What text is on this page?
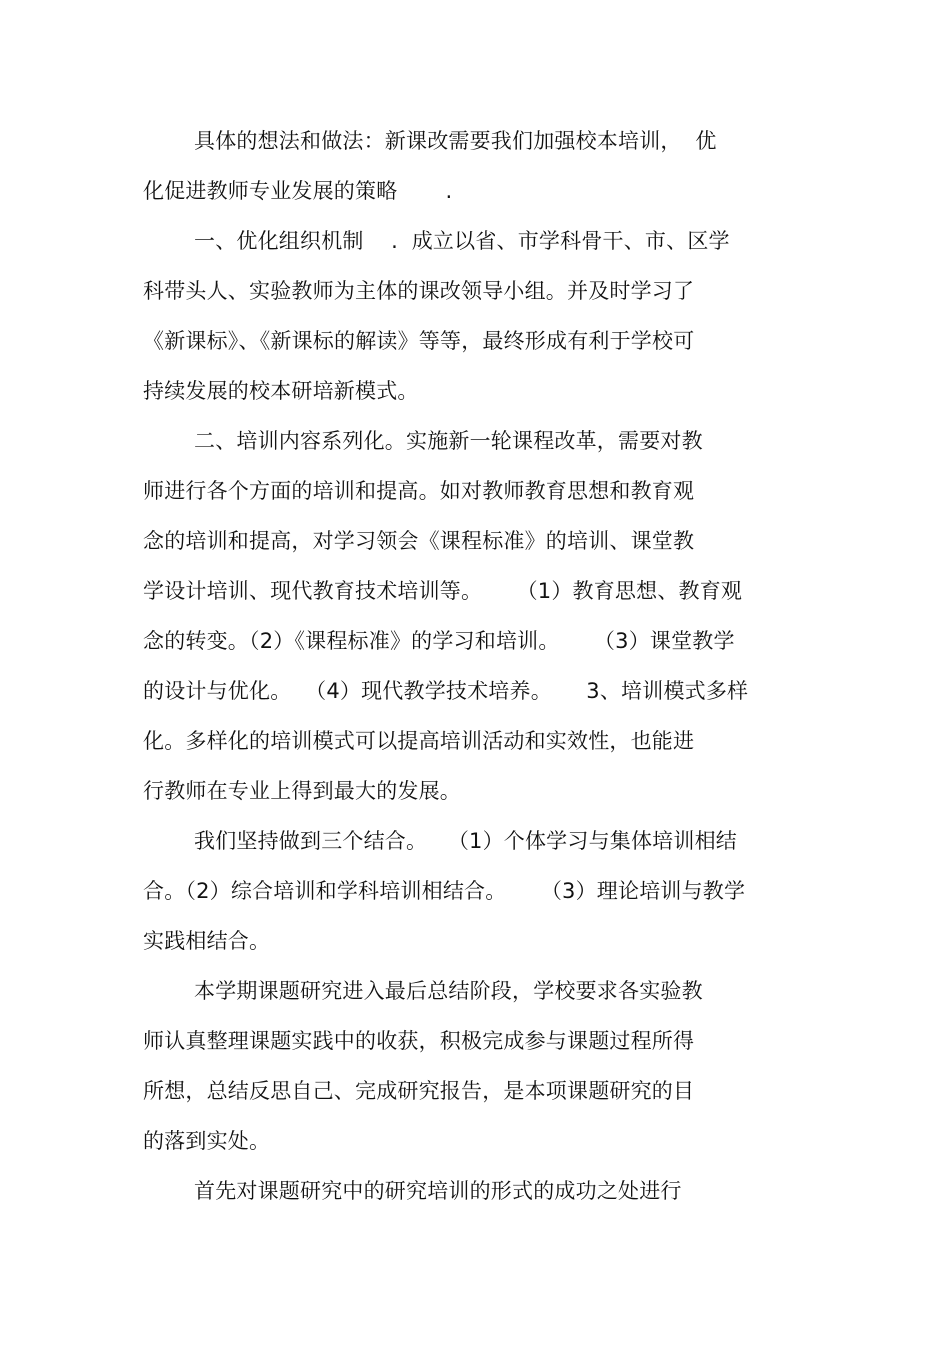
具体的想法和做法：新课改需要我们加强校本培训，  优
化促进教师专业发展的策略       .
一、优化组织机制    .  成立以省、市学科骨干、市、区学
科带头人、实验教师为主体的课改领导小组。并及时学习了
《新课标》、《新课标的解读》等等，最终形成有利于学校可
持续发展的校本研培新模式。
二、培训内容系列化。实施新一轮课程改革，需要对教
师进行各个方面的培训和提高。如对教师教育思想和教育观
念的培训和提高，对学习领会《课程标准》的培训、课堂教
学设计培训、现代教育技术培训等。     （1）教育思想、教育观
念的转变。（2）《课程标准》的学习和培训。     （3）课堂教学
的设计与优化。  （4）现代教学技术培养。     3、培训模式多样
化。多样化的培训模式可以提高培训活动和实效性，也能进
行教师在专业上得到最大的发展。
我们坚持做到三个结合。   （1）个体学习与集体培训相结
合。（2）综合培训和学科培训相结合。     （3）理论培训与教学
实践相结合。
本学期课题研究进入最后总结阶段，学校要求各实验教
师认真整理课题实践中的收获，积极完成参与课题过程所得
所想，总结反思自己、完成研究报告，是本项课题研究的目
的落到实处。
首先对课题研究中的研究培训的形式的成功之处进行
